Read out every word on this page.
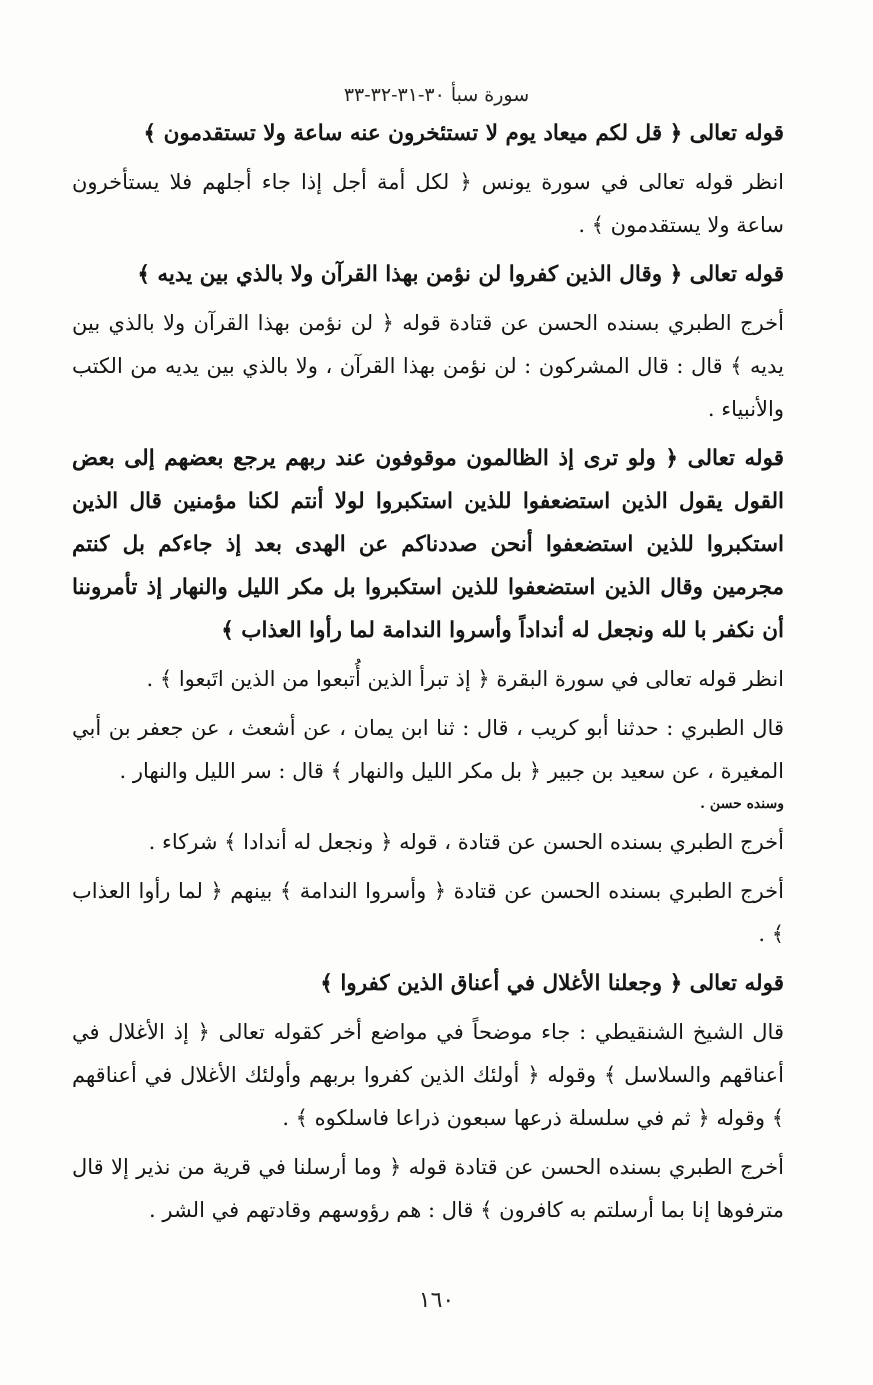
سورة سبأ ٣٠-٣١-٣٢-٣٣

قوله تعالى ﴿ قل لكم ميعاد يوم لا تستئخرون عنه ساعة ولا تستقدمون ﴾

انظر قوله تعالى في سورة يونس ﴿ لكل أمة أجل إذا جاء أجلهم فلا يستأخرون ساعة ولا يستقدمون ﴾ .

قوله تعالى ﴿ وقال الذين كفروا لن نؤمن بهذا القرآن ولا بالذي بين يديه ﴾

أخرج الطبري بسنده الحسن عن قتادة قوله ﴿ لن نؤمن بهذا القرآن ولا بالذي بين يديه ﴾ قال : قال المشركون : لن نؤمن بهذا القرآن ، ولا بالذي بين يديه من الكتب والأنبياء .

قوله تعالى ﴿ ولو ترى إذ الظالمون موقوفون عند ربهم يرجع بعضهم إلى بعض القول يقول الذين استضعفوا للذين استكبروا لولا أنتم لكنا مؤمنين قال الذين استكبروا للذين استضعفوا أنحن صددناكم عن الهدى بعد إذ جاءكم بل كنتم مجرمين وقال الذين استضعفوا للذين استكبروا بل مكر الليل والنهار إذ تأمروننا أن نكفر با لله ونجعل له أنداداً وأسروا الندامة لما رأوا العذاب ﴾

انظر قوله تعالى في سورة البقرة ﴿ إذ تبرأ الذين أُتبعوا من الذين اتَبعوا ﴾ .

قال الطبري : حدثنا أبو كريب ، قال : ثنا ابن يمان ، عن أشعث ، عن جعفر بن أبي المغيرة ، عن سعيد بن جبير ﴿ بل مكر الليل والنهار ﴾ قال : سر الليل والنهار .

وسنده حسن .

أخرج الطبري بسنده الحسن عن قتادة ، قوله ﴿ ونجعل له أندادا ﴾ شركاء .

أخرج الطبري بسنده الحسن عن قتادة ﴿ وأسروا الندامة ﴾ بينهم ﴿ لما رأوا العذاب ﴾ .

قوله تعالى ﴿ وجعلنا الأغلال في أعناق الذين كفروا ﴾

قال الشيخ الشنقيطي : جاء موضحاً في مواضع أخر كقوله تعالى ﴿ إذ الأغلال في أعناقهم والسلاسل ﴾ وقوله ﴿ أولئك الذين كفروا بربهم وأولئك الأغلال في أعناقهم ﴾ وقوله ﴿ ثم في سلسلة ذرعها سبعون ذراعا فاسلكوه ﴾ .

أخرج الطبري بسنده الحسن عن قتادة قوله ﴿ وما أرسلنا في قرية من نذير إلا قال مترفوها إنا بما أرسلتم به كافرون ﴾ قال : هم رؤوسهم وقادتهم في الشر .

١٦٠
